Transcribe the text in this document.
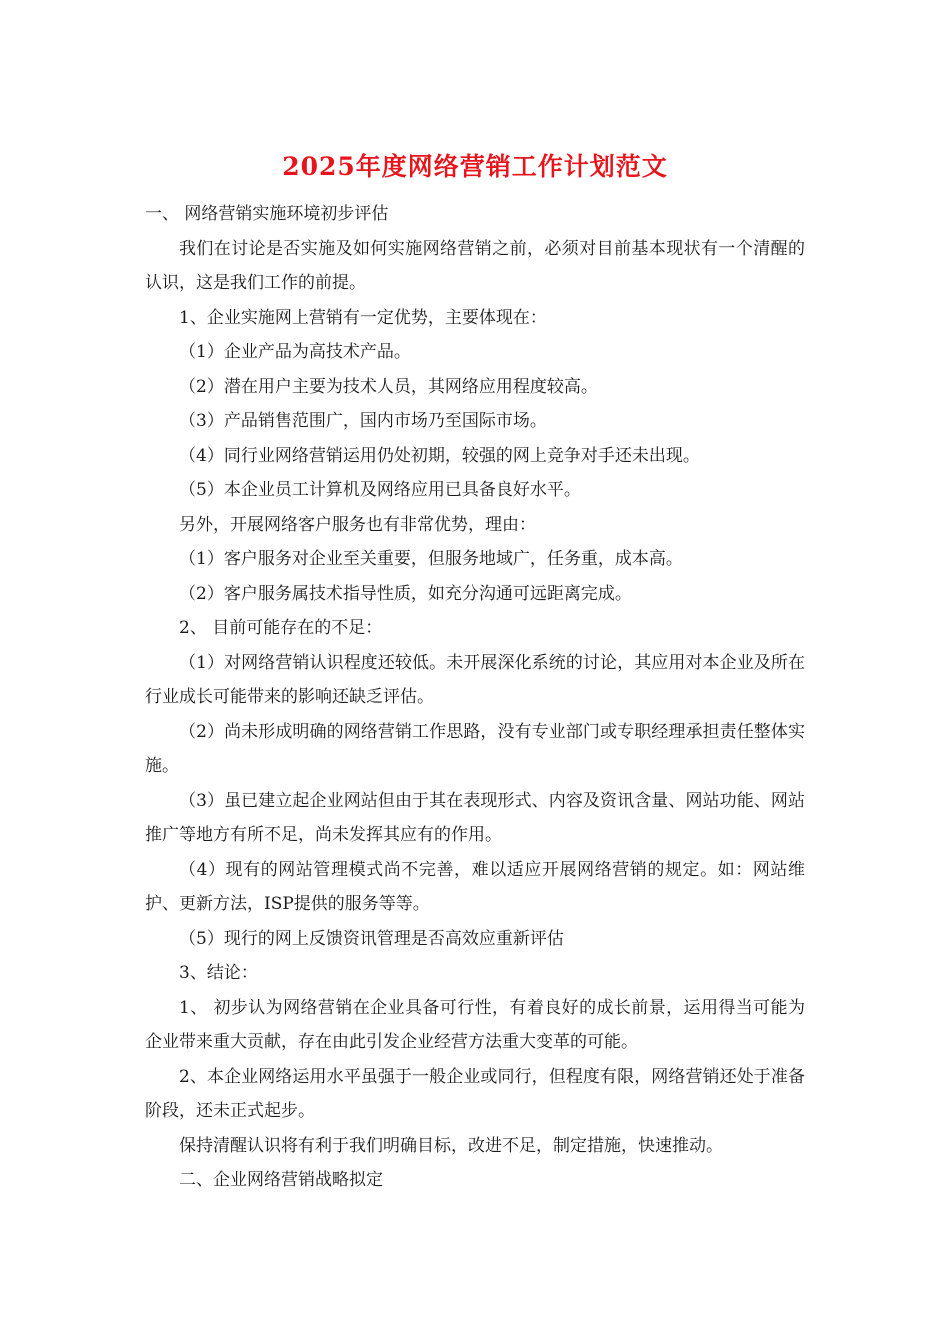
2025年度网络营销工作计划范文

一、 网络营销实施环境初步评估

我们在讨论是否实施及如何实施网络营销之前，必须对目前基本现状有一个清醒的认识，这是我们工作的前提。

1、企业实施网上营销有一定优势，主要体现在：

（1）企业产品为高技术产品。

（2）潜在用户主要为技术人员，其网络应用程度较高。

（3）产品销售范围广，国内市场乃至国际市场。

（4）同行业网络营销运用仍处初期，较强的网上竞争对手还未出现。

（5）本企业员工计算机及网络应用已具备良好水平。

另外，开展网络客户服务也有非常优势，理由：

（1）客户服务对企业至关重要，但服务地域广，任务重，成本高。

（2）客户服务属技术指导性质，如充分沟通可远距离完成。

2、 目前可能存在的不足：

（1）对网络营销认识程度还较低。未开展深化系统的讨论，其应用对本企业及所在行业成长可能带来的影响还缺乏评估。

（2）尚未形成明确的网络营销工作思路，没有专业部门或专职经理承担责任整体实施。

（3）虽已建立起企业网站但由于其在表现形式、内容及资讯含量、网站功能、网站推广等地方有所不足，尚未发挥其应有的作用。

（4）现有的网站管理模式尚不完善，难以适应开展网络营销的规定。如：网站维护、更新方法，ISP提供的服务等等。

（5）现行的网上反馈资讯管理是否高效应重新评估

3、结论：

1、 初步认为网络营销在企业具备可行性，有着良好的成长前景，运用得当可能为企业带来重大贡献，存在由此引发企业经营方法重大变革的可能。

2、本企业网络运用水平虽强于一般企业或同行，但程度有限，网络营销还处于准备阶段，还未正式起步。

保持清醒认识将有利于我们明确目标，改进不足，制定措施，快速推动。

二、企业网络营销战略拟定
